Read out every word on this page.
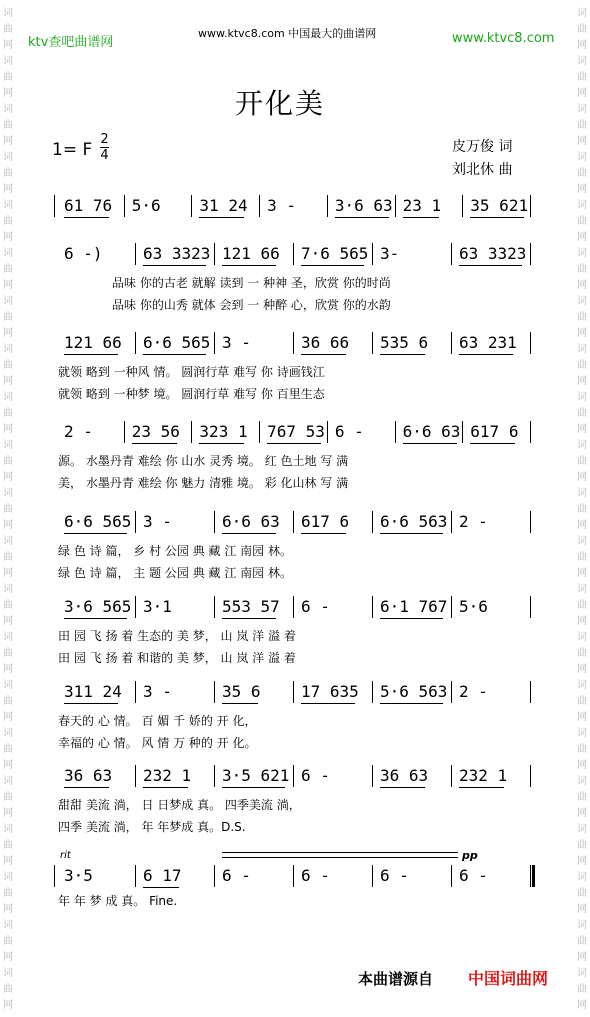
词
曲
网
词
曲
网
词
曲
网
词
曲
网
词
曲
网
词
曲
网
词
曲
网
词
曲
网
词
曲
网
词
曲
网
词
曲
网
词
曲
网
词
曲
网
词
曲
网
词
曲
网
词
曲
网
词
曲
网
词
曲
网
词
曲
网
词
曲
网
词
曲
网
词
曲
网
词
曲
网
词
曲
网
词
曲
网
词
曲
网
词
曲
网
词
曲
网
词
曲
网
词
曲
网
词
曲
网
词
曲
网
词
曲
网
词
曲
网
词
曲
网
词
曲
网
词
曲
网
词
曲
网
词
曲
网
词
曲
网
词
曲
网
词
曲
网
ktv查吧曲谱网
www.ktvc8.com 中国最大的曲谱网	www.ktvc8.com
开化美
1= F
2
4
皮万俊 词
刘北休 曲
61 76 5·6 31 24 3 - 3·6 63 23 1 35 621
6 -)	63 3323 121 66 7·6 565 3-	63 3323
品味 你的古老 就解 读到 一 种神 圣，欣赏 你的时尚
品味 你的山秀 就体 会到 一 种醉 心，欣赏 你的水韵
121 66 6·6 565 3 -	36 66 535 6 63 231
就领 略到 一种风 情。 圆润行草 难写 你 诗画钱江
就领 略到 一种梦 境。 圆润行草 难写 你 百里生态
2 - 23 56 323 1 767 53 6 - 6·6 63 617 6
源。 水墨丹青 难绘 你 山水 灵秀 境。 红 色土地 写 满
美， 水墨丹青 难绘 你 魅力 清雅 境。 彩 化山林 写 满
6·6 565 3 -	6·6 63 617 6 6·6 563 2 -
绿 色 诗 篇， 乡 村 公园 典 藏 江 南园 林。
绿 色 诗 篇， 主 题 公园 典 藏 江 南园 林。
3·6 565 3·1	553 57 6 -	6·1 767 5·6
田 园 飞 扬 着 生态的 美 梦， 山 岚 洋 溢 着
田 园 飞 扬 着 和谐的 美 梦， 山 岚 洋 溢 着
311 24 3 -	35 6	17 635 5·6 563 2 -
春天的 心 情。 百 媚 千 娇的 开 化，
幸福的 心 情。 风 情 万 种的 开 化。
36 63 232 1 3·5 621 6 -	36 63 232 1
甜甜 美流 淌， 日 日梦成 真。 四季美流 淌，
四季 美流 淌， 年 年梦成 真。D.S.
3·5	6 17	6 -	6 -	6 -	6 -
年 年 梦 成 真。 Fine.
rit	pp
本曲谱源自 中国词曲网
